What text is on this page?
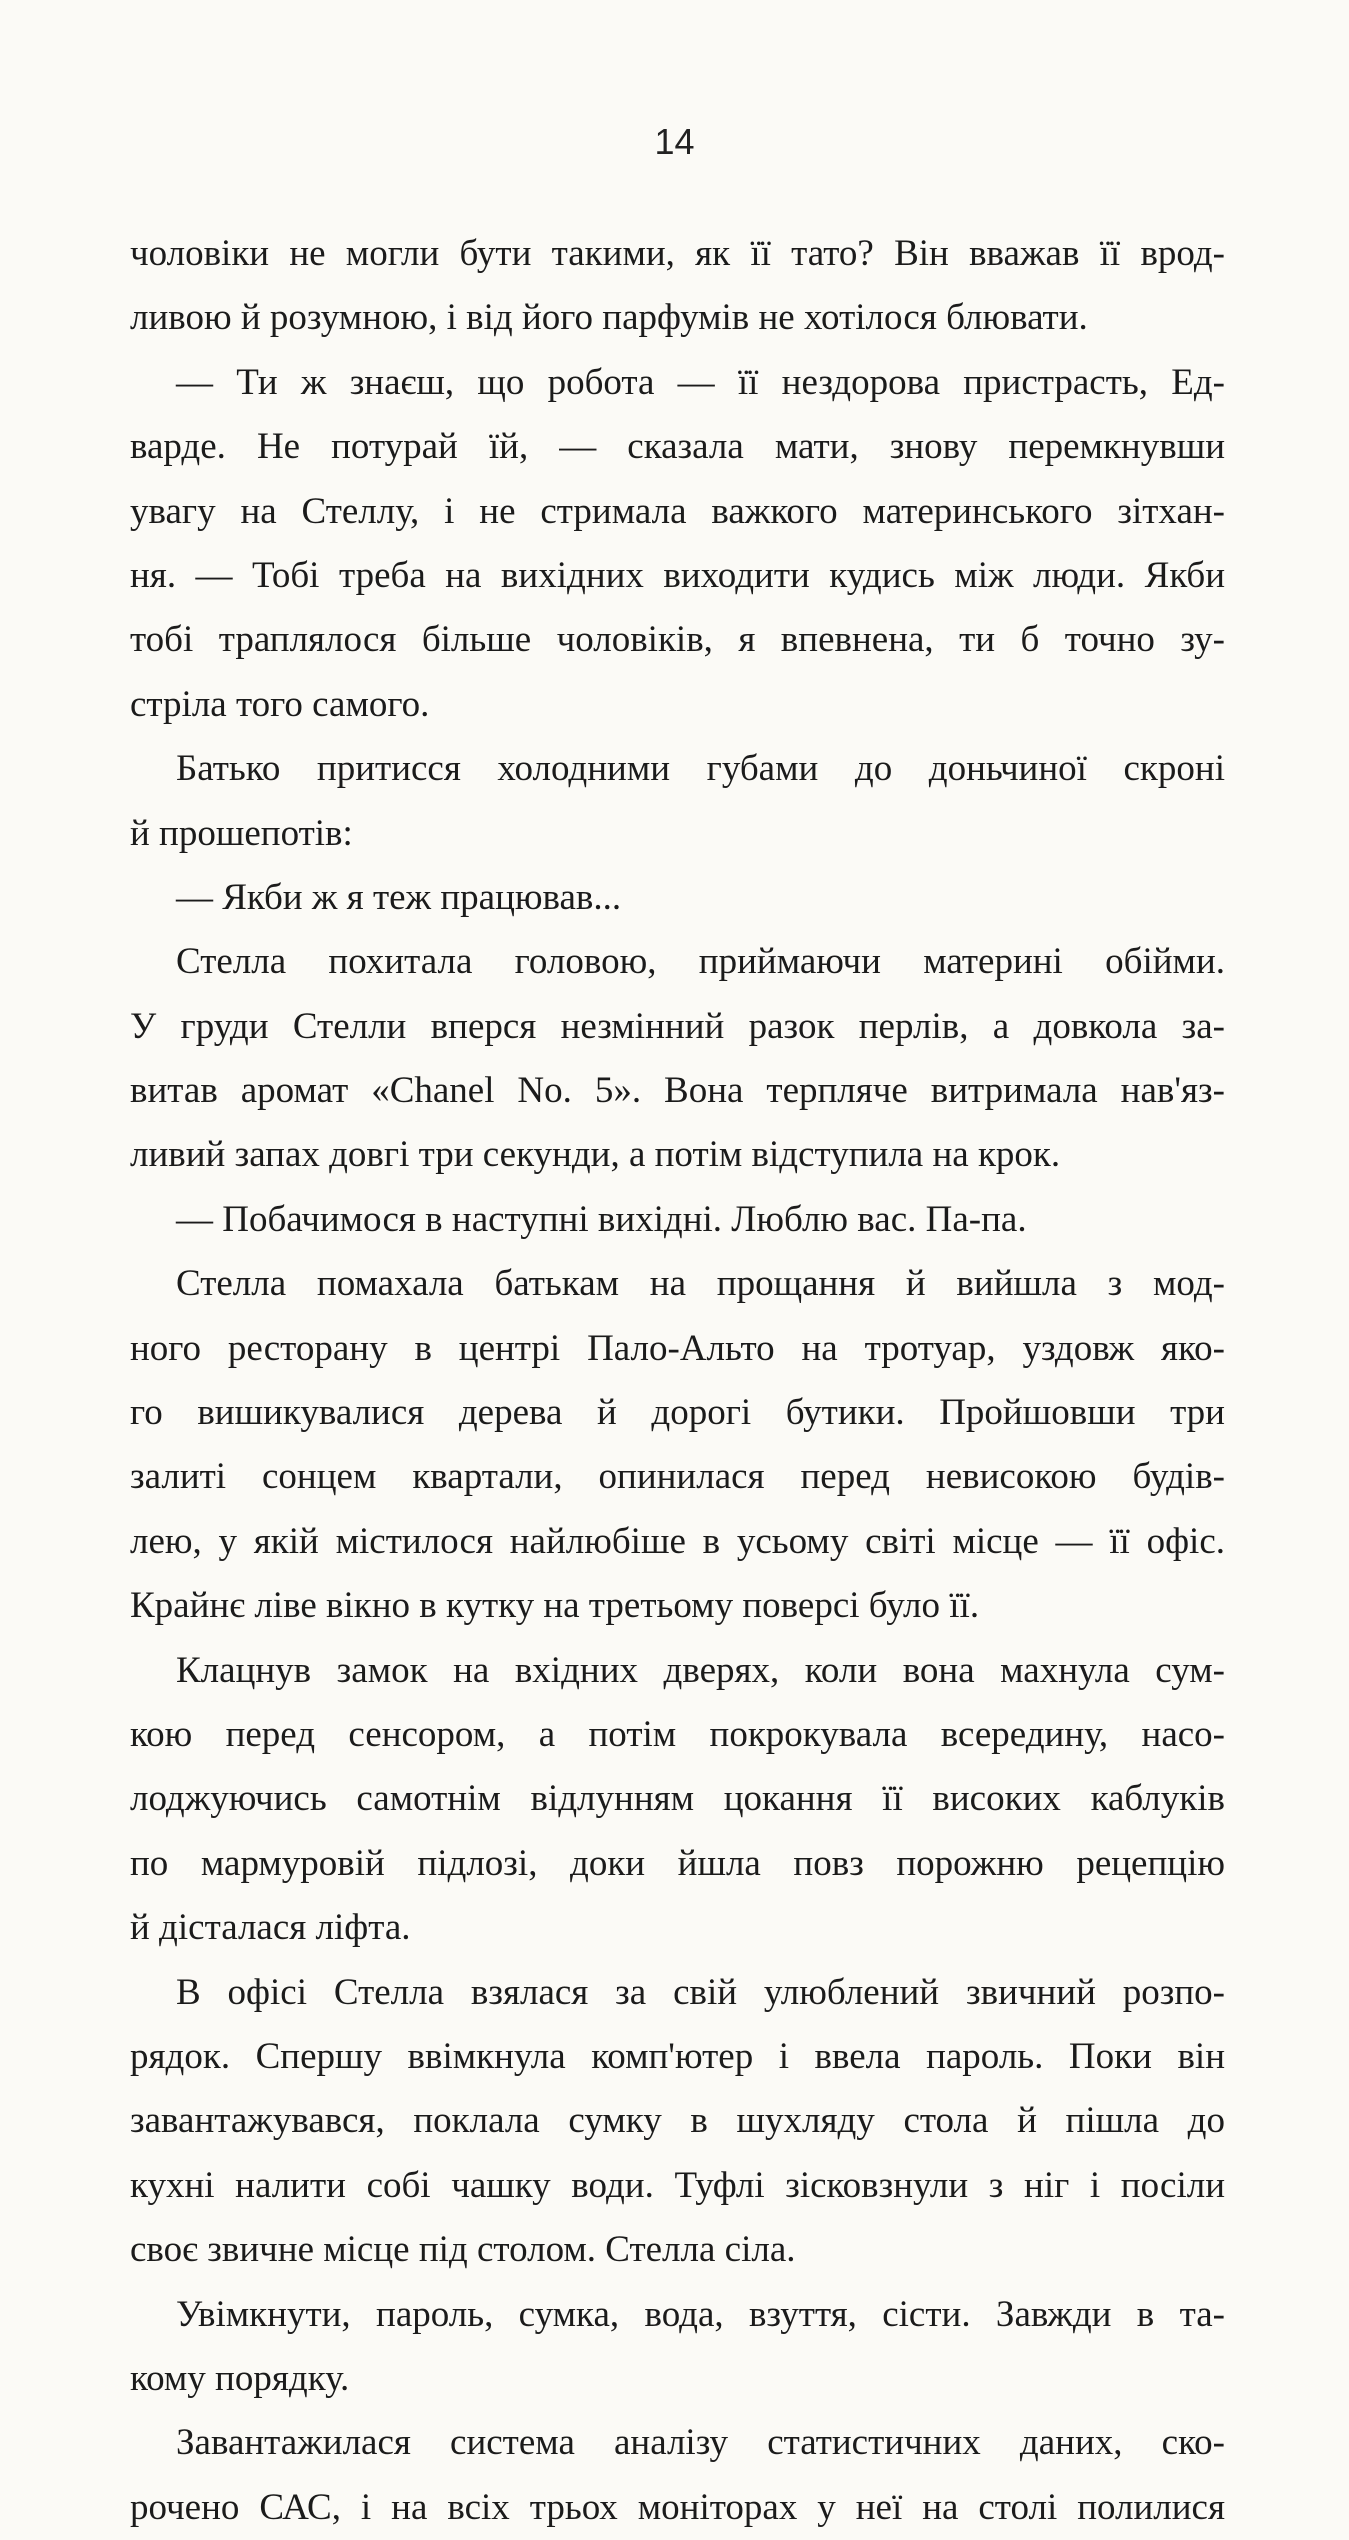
14
чоловіки не могли бути такими, як її тато? Він вважав її врод-
ливою й розумною, і від його парфумів не хотілося блювати.
— Ти ж знаєш, що робота — її нездорова пристрасть, Ед-
варде. Не потурай їй, — сказала мати, знову перемкнувши
увагу на Стеллу, і не стримала важкого материнського зітхан-
ня. — Тобі треба на вихідних виходити кудись між люди. Якби
тобі траплялося більше чоловіків, я впевнена, ти б точно зу-
стріла того самого.
Батько притисся холодними губами до доньчиної скроні
й прошепотів:
— Якби ж я теж працював...
Стелла похитала головою, приймаючи материні обійми.
У груди Стелли вперся незмінний разок перлів, а довкола за-
витав аромат «Chanel No. 5». Вона терпляче витримала нав'яз-
ливий запах довгі три секунди, а потім відступила на крок.
— Побачимося в наступні вихідні. Люблю вас. Па-па.
Стелла помахала батькам на прощання й вийшла з мод-
ного ресторану в центрі Пало-Альто на тротуар, уздовж яко-
го вишикувалися дерева й дорогі бутики. Пройшовши три
залиті сонцем квартали, опинилася перед невисокою будів-
лею, у якій містилося найлюбіше в усьому світі місце — її офіс.
Крайнє ліве вікно в кутку на третьому поверсі було її.
Клацнув замок на вхідних дверях, коли вона махнула сум-
кою перед сенсором, а потім покрокувала всередину, насо-
лоджуючись самотнім відлунням цокання її високих каблуків
по мармуровій підлозі, доки йшла повз порожню рецепцію
й дісталася ліфта.
В офісі Стелла взялася за свій улюблений звичний розпо-
рядок. Спершу ввімкнула комп'ютер і ввела пароль. Поки він
завантажувався, поклала сумку в шухляду стола й пішла до
кухні налити собі чашку води. Туфлі зісковзнули з ніг і посіли
своє звичне місце під столом. Стелла сіла.
Увімкнути, пароль, сумка, вода, взуття, сісти. Завжди в та-
кому порядку.
Завантажилася система аналізу статистичних даних, ско-
рочено САС, і на всіх трьох моніторах у неї на столі полилися
